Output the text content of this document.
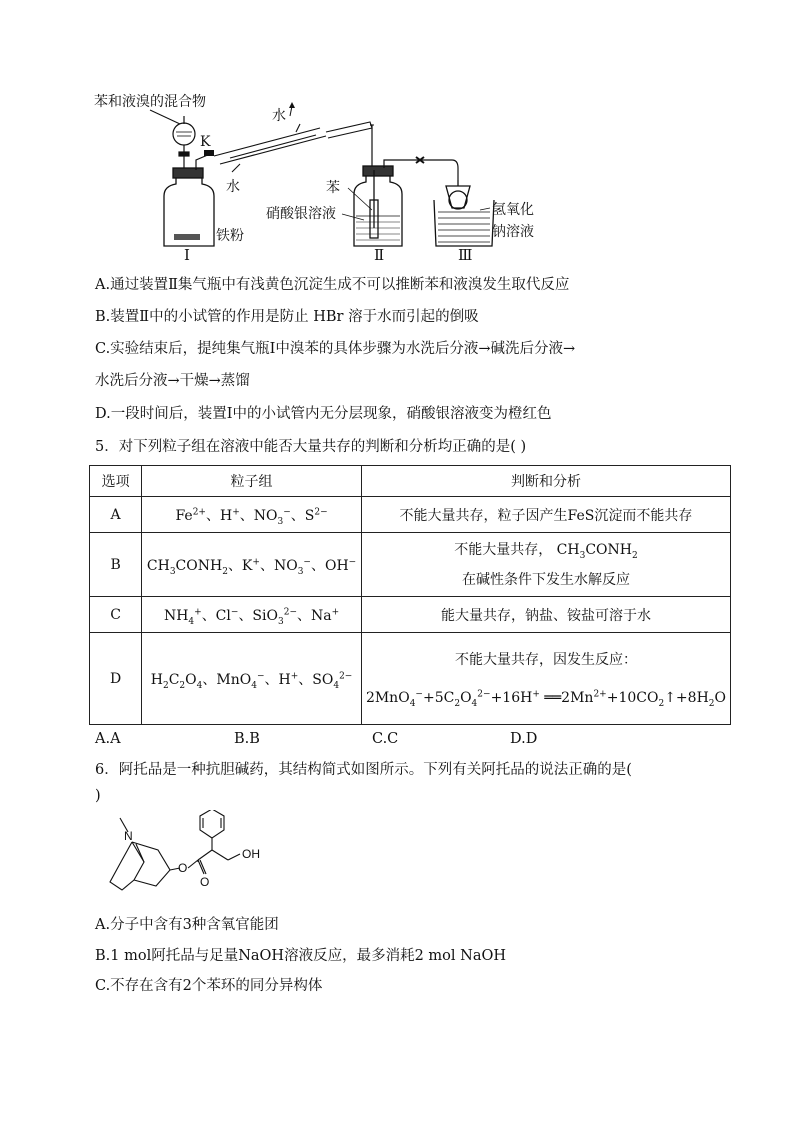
苯和液溴的混合物
K
铁粉
水
水	苯
硝酸银溶液	氢氧化
钠溶液
Ⅰ	Ⅱ	Ⅲ
A.通过装置Ⅱ集气瓶中有浅黄色沉淀生成不可以推断苯和液溴发生取代反应
B.装置Ⅱ中的小试管的作用是防止 HBr 溶于水而引起的倒吸
C.实验结束后，提纯集气瓶Ⅰ中溴苯的具体步骤为水洗后分液→碱洗后分液→
水洗后分液→干燥→蒸馏
D.一段时间后，装置Ⅰ中的小试管内无分层现象，硝酸银溶液变为橙红色
5．对下列粒子组在溶液中能否大量共存的判断和分析均正确的是( )
选项	粒子组	判断和分析
A	$Fe^{2+}$、H+、$NO_3^-$、$S^{2-}$	不能大量共存，粒子因产生FeS沉淀而不能共存
B	$CH_3CONH_2$、K+、$NO_3^-$、OH−	不能大量共存， $CH_3CONH_2$
在碱性条件下发生水解反应

C	$NH_4^+$、Cl−、SiO$_3^{2-}$、Na+	能大量共存，钠盐、铵盐可溶于水
D	$H_2C_2O_4$、MnO$_4$−、H+、$SO_4^{2-}$	不能大量共存，因发生反应：
$2MnO_4^-+5C_2O_4^{2-}+16H^+$ $══2Mn^{2+}+10CO_2↑+8H_2O$
A.A	B.B	C.C	D.D
6．阿托品是一种抗胆碱药，其结构简式如图所示。下列有关阿托品的说法正确的是(
)
N
O
O
OH
A.分子中含有3种含氧官能团
B.1 mol阿托品与足量NaOH溶液反应，最多消耗2 mol NaOH
C.不存在含有2个苯环的同分异构体
